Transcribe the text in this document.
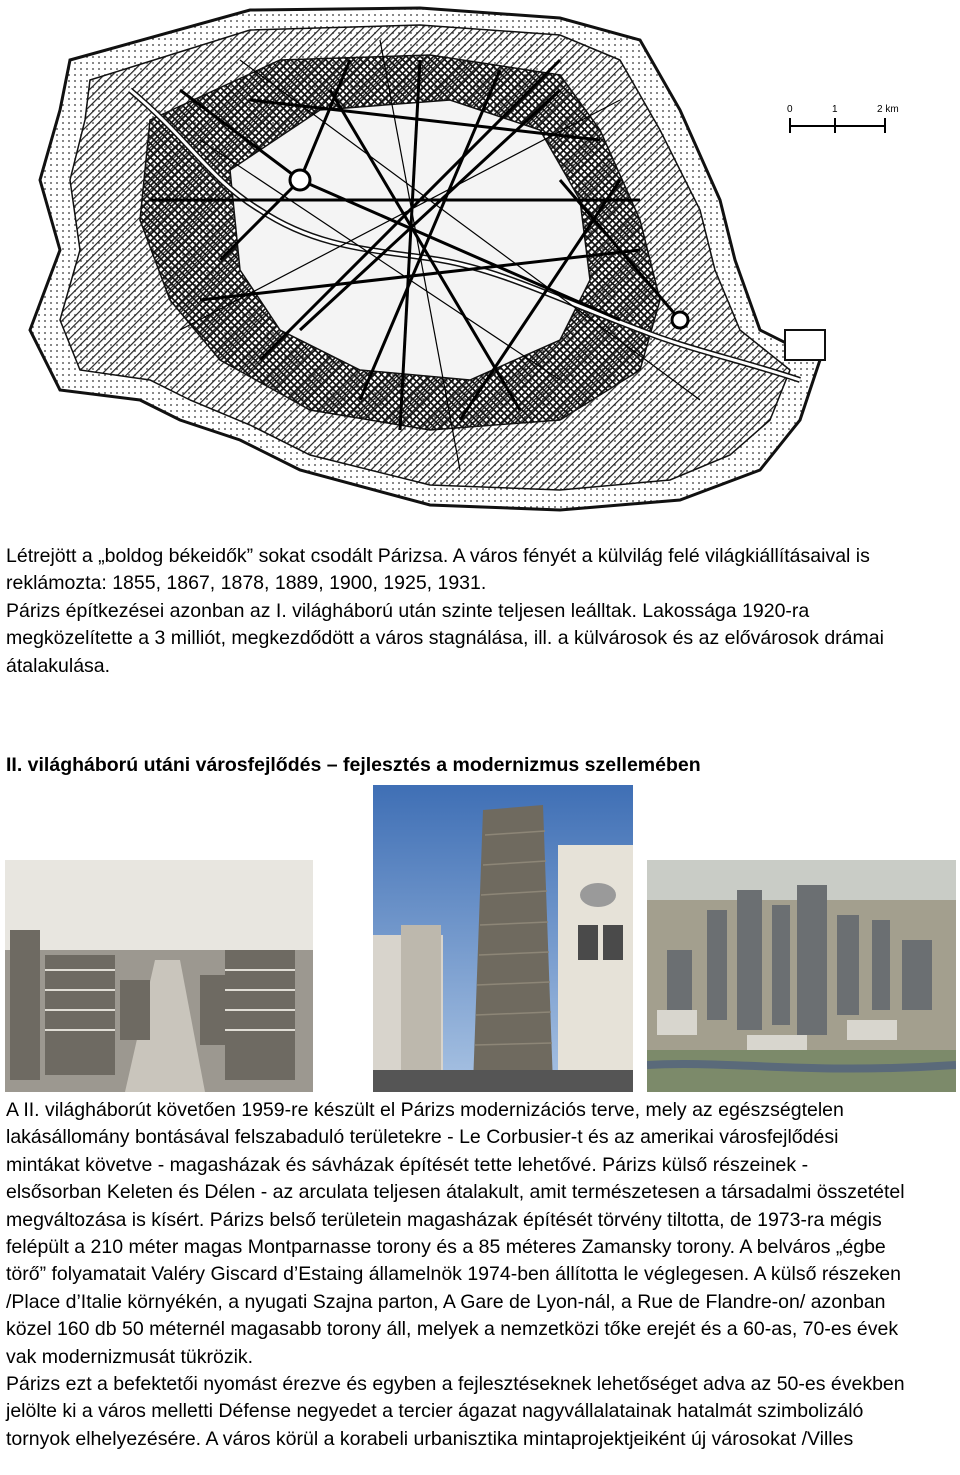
0	1	2 km
Létrejött a „boldog békeidők” sokat csodált Párizsa. A város fényét a külvilág felé világkiállításaival is
reklámozta: 1855, 1867, 1878, 1889, 1900, 1925, 1931.
Párizs építkezései azonban az I. világháború után szinte teljesen leálltak. Lakossága 1920-ra
megközelítette a 3 milliót, megkezdődött a város stagnálása, ill. a külvárosok és az elővárosok drámai
átalakulása.
II. világháború utáni városfejlődés – fejlesztés a modernizmus szellemében
A II. világháborút követően 1959-re készült el Párizs modernizációs terve, mely az egészségtelen
lakásállomány bontásával felszabaduló területekre - Le Corbusier-t és az amerikai városfejlődési
mintákat követve - magasházak és sávházak építését tette lehetővé. Párizs külső részeinek -
elsősorban Keleten és Délen - az arculata teljesen átalakult, amit természetesen a társadalmi összetétel
megváltozása is kísért. Párizs belső területein magasházak építését törvény tiltotta, de 1973-ra mégis
felépült a 210 méter magas Montparnasse torony és a 85 méteres Zamansky torony. A belváros „égbe
törő” folyamatait Valéry Giscard d’Estaing államelnök 1974-ben állította le véglegesen. A külső részeken
/Place d’Italie környékén, a nyugati Szajna parton, A Gare de Lyon-nál, a Rue de Flandre-on/ azonban
közel 160 db 50 méternél magasabb torony áll, melyek a nemzetközi tőke erejét és a 60-as, 70-es évek
vak modernizmusát tükrözik.
Párizs ezt a befektetői nyomást érezve és egyben a fejlesztéseknek lehetőséget adva az 50-es években
jelölte ki a város melletti Défense negyedet a tercier ágazat nagyvállalatainak hatalmát szimbolizáló
tornyok elhelyezésére. A város körül a korabeli urbanisztika mintaprojektjeiként új városokat /Villes
